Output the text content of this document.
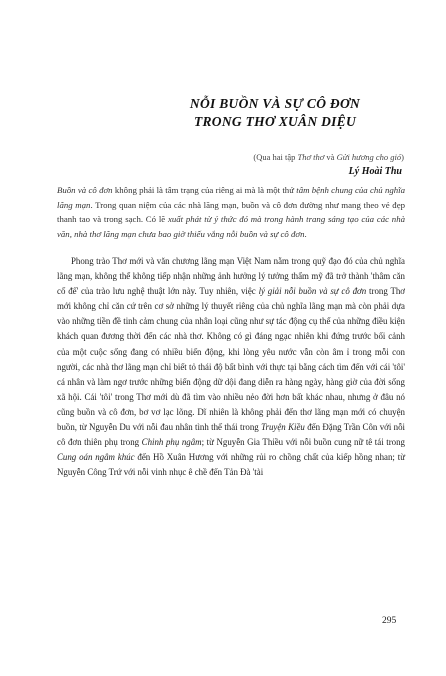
NỖI BUỒN VÀ SỰ CÔ ĐƠN
TRONG THƠ XUÂN DIỆU
(Qua hai tập Thơ thơ và Gửi hương cho gió)
Lý Hoài Thu
Buồn và cô đơn không phải là tâm trạng của riêng ai mà là một thứ tâm bệnh chung của chủ nghĩa lãng mạn. Trong quan niệm của các nhà lãng mạn, buồn và cô đơn đường như mang theo vẻ đẹp thanh tao và trong sạch. Có lẽ xuất phát từ ý thức đó mà trong hành trang sáng tạo của các nhà văn, nhà thơ lãng mạn chưa bao giờ thiếu vắng nỗi buồn và sự cô đơn.
Phong trào Thơ mới và văn chương lãng mạn Việt Nam nằm trong quỹ đạo đó của chủ nghĩa lãng mạn, không thể không tiếp nhận những ảnh hưởng lý tưởng thẩm mỹ đã trở thành 'thâm căn cố đế' của trào lưu nghệ thuật lớn này. Tuy nhiên, việc lý giải nỗi buồn và sự cô đơn trong Thơ mới không chỉ căn cứ trên cơ sở những lý thuyết riêng của chủ nghĩa lãng mạn mà còn phải dựa vào những tiền đề tinh cảm chung của nhân loại cũng như sự tác động cụ thể của những điều kiện khách quan đương thời đến các nhà thơ. Không có gì đáng ngạc nhiên khi đứng trước bối cảnh của một cuộc sống đang có nhiều biến động, khi lòng yêu nước vẫn còn âm ỉ trong mỗi con người, các nhà thơ lãng mạn chỉ biết tỏ thái độ bất bình với thực tại bằng cách tìm đến với cái 'tôi' cá nhân và làm ngơ trước những biến động dữ dội đang diễn ra hàng ngày, hàng giờ của đời sống xã hội. Cái 'tôi' trong Thơ mới dù đã tìm vào nhiều nẻo đời hơn bất khác nhau, nhưng ở đâu nó cũng buồn và cô đơn, bơ vơ lạc lõng. Dĩ nhiên là không phải đến thơ lãng mạn mới có chuyện buồn, từ Nguyễn Du với nỗi đau nhân tình thế thái trong Truyện Kiều đến Đặng Trần Côn với nỗi cô đơn thiên phụ trong Chinh phụ ngâm; từ Nguyễn Gia Thiều với nỗi buồn cung nữ tê tái trong Cung oán ngâm khúc đến Hồ Xuân Hương với những rủi ro chồng chất của kiếp hồng nhan; từ Nguyễn Công Trứ với nỗi vinh nhục ê chề đến Tản Đà 'tài
295
